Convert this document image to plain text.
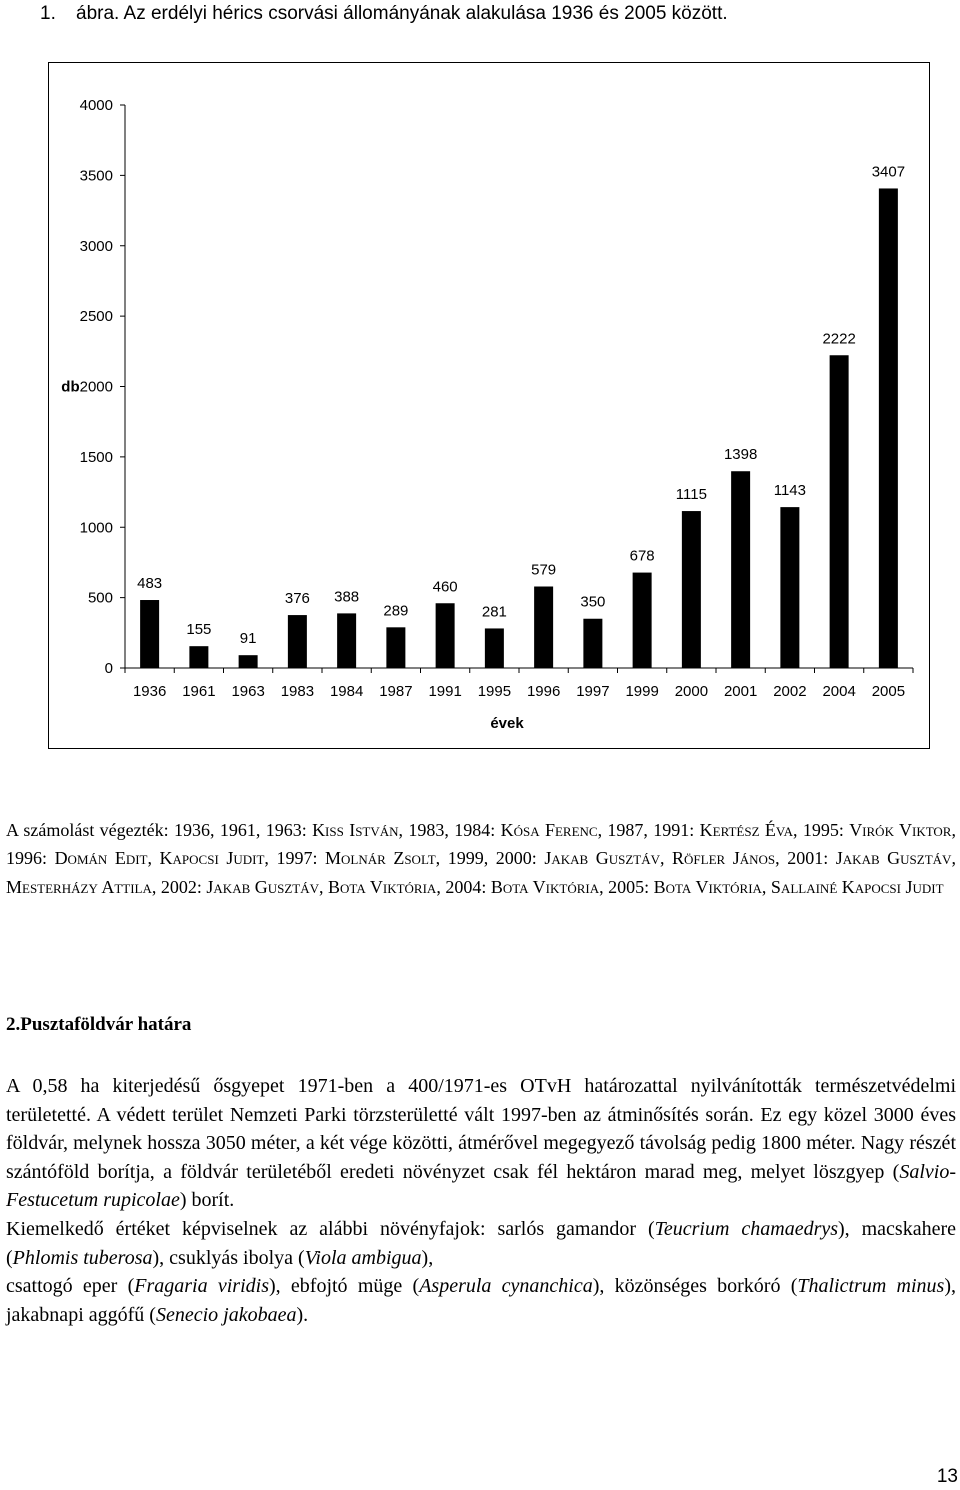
1. ábra. Az erdélyi hérics csorvási állományának alakulása 1936 és 2005 között.
0
500
1000
1500
db2000
2500
3000
3500
4000
483
1936
155
1961
91
1963
376
1983
388
1984
289
1987
460
1991
281
1995
579
1996
350
1997
678
1999
1115
2000
1398
2001
1143
2002
2222
2004
3407
2005
évek

A számolást végezték: 1936, 1961, 1963: Kiss István, 1983, 1984: Kósa Ferenc, 1987, 1991: Kertész Éva, 1995: Virók Viktor, 1996: Domán Edit, Kapocsi Judit, 1997: Molnár Zsolt, 1999, 2000: Jakab Gusztáv, Röfler János, 2001: Jakab Gusztáv, Mesterházy Attila, 2002: Jakab Gusztáv, Bota Viktória, 2004: Bota Viktória, 2005: Bota Viktória, Sallainé Kapocsi Judit

2.Pusztaföldvár határa

A 0,58 ha kiterjedésű ősgyepet 1971-ben a 400/1971-es OTvH határozattal nyilvánították természetvédelmi területetté. A védett terület Nemzeti Parki törzsterületté vált 1997-ben az átminősítés során. Ez egy közel 3000 éves földvár, melynek hossza 3050 méter, a két vége közötti, átmérővel megegyező távolság pedig 1800 méter. Nagy részét szántóföld borítja, a földvár területéből eredeti növényzet csak fél hektáron marad meg, melyet löszgyep (Salvio-Festucetum rupicolae) borít.

Kiemelkedő értéket képviselnek az alábbi növényfajok: sarlós gamandor (Teucrium chamaedrys), macskahere (Phlomis tuberosa), csuklyás ibolya (Viola ambigua),

csattogó eper (Fragaria viridis), ebfojtó müge (Asperula cynanchica), közönséges borkóró (Thalictrum minus), jakabnapi aggófű (Senecio jakobaea).

13
